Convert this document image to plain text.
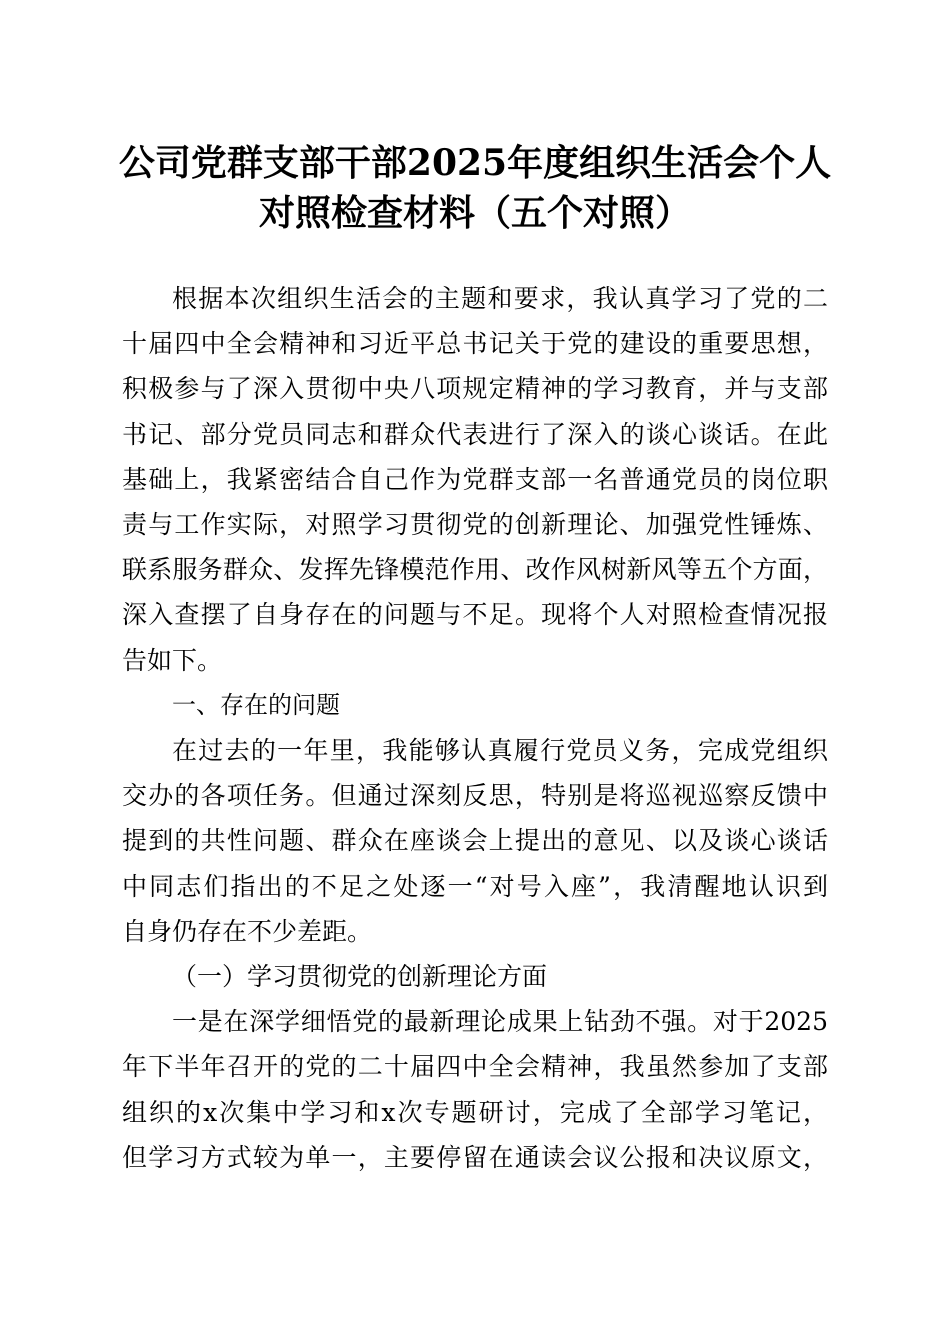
公司党群支部干部2025年度组织生活会个人
对照检查材料（五个对照）
根据本次组织生活会的主题和要求，我认真学习了党的二
十届四中全会精神和习近平总书记关于党的建设的重要思想，
积极参与了深入贯彻中央八项规定精神的学习教育，并与支部
书记、部分党员同志和群众代表进行了深入的谈心谈话。在此
基础上，我紧密结合自己作为党群支部一名普通党员的岗位职
责与工作实际，对照学习贯彻党的创新理论、加强党性锤炼、
联系服务群众、发挥先锋模范作用、改作风树新风等五个方面，
深入查摆了自身存在的问题与不足。现将个人对照检查情况报
告如下。
一、存在的问题
在过去的一年里，我能够认真履行党员义务，完成党组织
交办的各项任务。但通过深刻反思，特别是将巡视巡察反馈中
提到的共性问题、群众在座谈会上提出的意见、以及谈心谈话
中同志们指出的不足之处逐一“对号入座”，我清醒地认识到
自身仍存在不少差距。
（一）学习贯彻党的创新理论方面
一是在深学细悟党的最新理论成果上钻劲不强。对于2025
年下半年召开的党的二十届四中全会精神，我虽然参加了支部
组织的x次集中学习和x次专题研讨，完成了全部学习笔记，
但学习方式较为单一，主要停留在通读会议公报和决议原文，
